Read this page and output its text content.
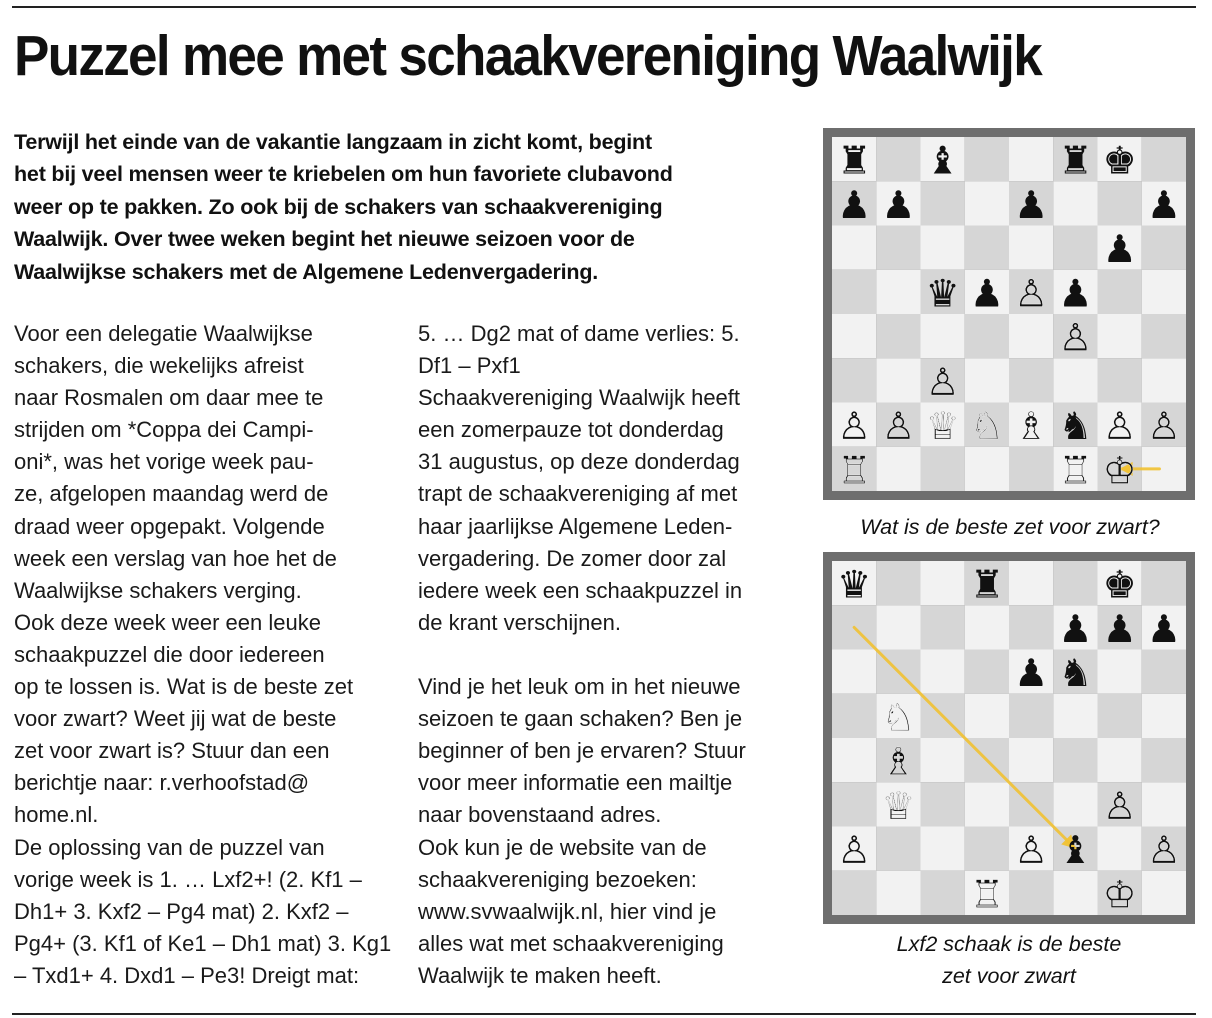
Puzzel mee met schaakvereniging Waalwijk
Terwijl het einde van de vakantie langzaam in zicht komt, begint
het bij veel mensen weer te kriebelen om hun favoriete clubavond
weer op te pakken. Zo ook bij de schakers van schaakvereniging
Waalwijk. Over twee weken begint het nieuwe seizoen voor de
Waalwijkse schakers met de Algemene Ledenvergadering.
Voor een delegatie Waalwijkse
schakers, die wekelijks afreist
naar Rosmalen om daar mee te
strijden om *Coppa dei Campi-
oni*, was het vorige week pau-
ze, afgelopen maandag werd de
draad weer opgepakt. Volgende
week een verslag van hoe het de
Waalwijkse schakers verging.
Ook deze week weer een leuke
schaakpuzzel die door iedereen
op te lossen is. Wat is de beste zet
voor zwart? Weet jij wat de beste
zet voor zwart is? Stuur dan een
berichtje naar: r.verhoofstad@
home.nl.
De oplossing van de puzzel van
vorige week is 1. … Lxf2+! (2. Kf1 –
Dh1+ 3. Kxf2 – Pg4 mat) 2. Kxf2 –
Pg4+ (3. Kf1 of Ke1 – Dh1 mat) 3. Kg1
– Txd1+ 4. Dxd1 – Pe3! Dreigt mat:
5. … Dg2 mat of dame verlies: 5.
Df1 – Pxf1
Schaakvereniging Waalwijk heeft
een zomerpauze tot donderdag
31 augustus, op deze donderdag
trapt de schaakvereniging af met
haar jaarlijkse Algemene Leden-
vergadering. De zomer door zal
iedere week een schaakpuzzel in
de krant verschijnen.

Vind je het leuk om in het nieuwe
seizoen te gaan schaken? Ben je
beginner of ben je ervaren? Stuur
voor meer informatie een mailtje
naar bovenstaand adres.
Ook kun je de website van de
schaakvereniging bezoeken:
www.svwaalwijk.nl, hier vind je
alles wat met schaakvereniging
Waalwijk te maken heeft.
♜ ♝	♜ ♚
♟ ♟	♟	♟
♟
♛ ♟ ♙ ♟
♙
♙
♙ ♙ ♕ ♘ ♗ ♞ ♙ ♙
♖	♖ ♔
Wat is de beste zet voor zwart?
♛	♜	♚
♟ ♟ ♟
♟ ♞
♘
♗
♕	♙
♙	♙ ♝ ♙
♖	♔
Lxf2 schaak is de beste
zet voor zwart
